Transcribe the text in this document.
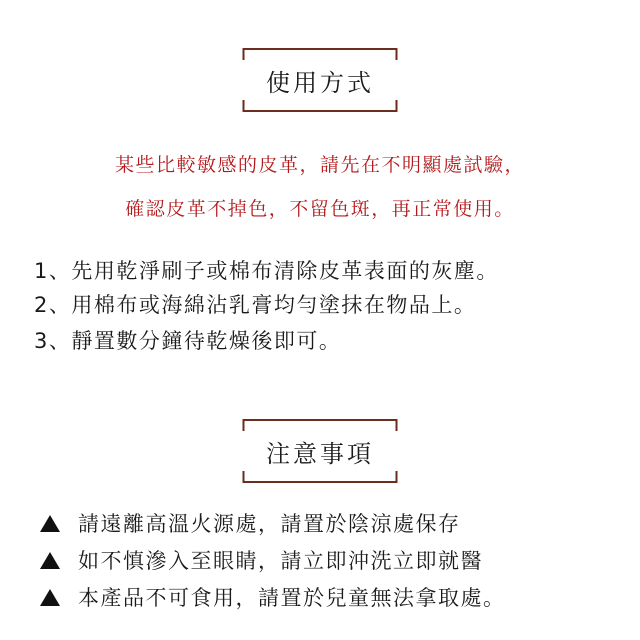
使用方式
某些比較敏感的皮革，請先在不明顯處試驗，
確認皮革不掉色，不留色斑，再正常使用。
1、先用乾淨刷子或棉布清除皮革表面的灰塵。
2、用棉布或海綿沾乳膏均勻塗抹在物品上。
3、靜置數分鐘待乾燥後即可。
注意事項
請遠離高溫火源處，請置於陰涼處保存
如不慎滲入至眼睛，請立即沖洗立即就醫
本產品不可食用，請置於兒童無法拿取處。
